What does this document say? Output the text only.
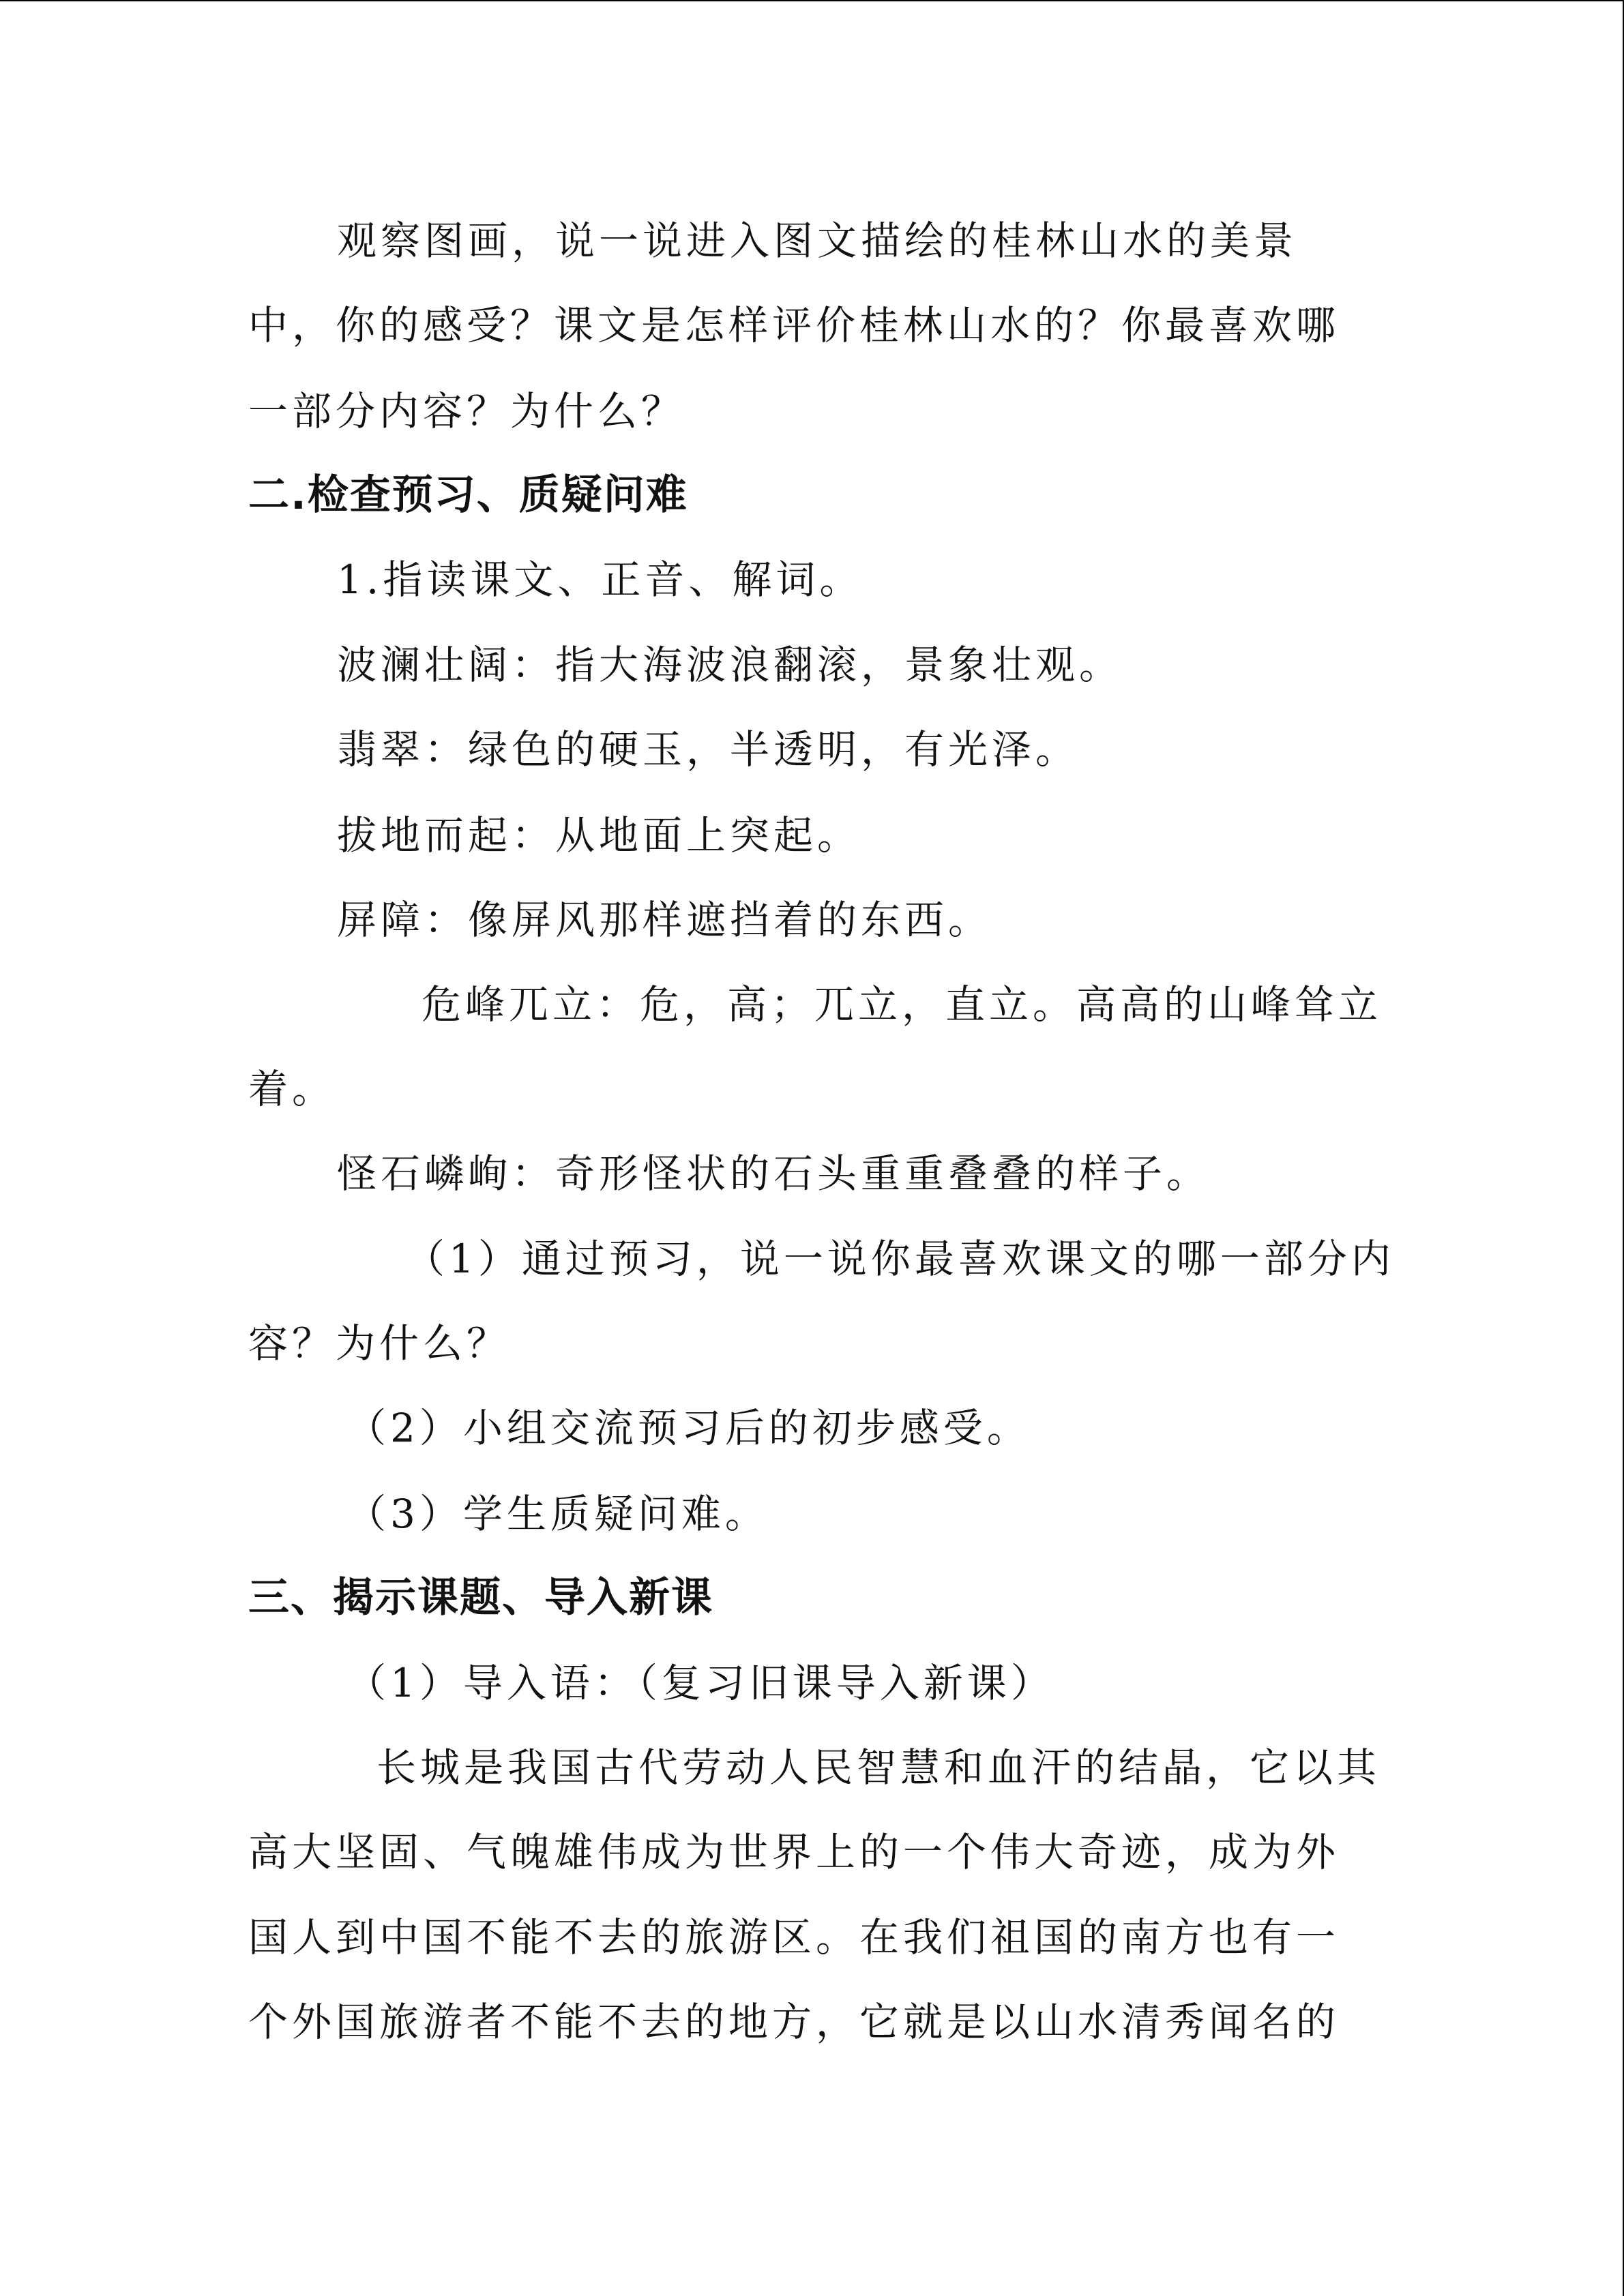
观察图画，说一说进入图文描绘的桂林山水的美景
中，你的感受？课文是怎样评价桂林山水的？你最喜欢哪
一部分内容？为什么？
二.检查预习、质疑问难
1.指读课文、正音、解词。
波澜壮阔：指大海波浪翻滚，景象壮观。
翡翠：绿色的硬玉，半透明，有光泽。
拔地而起：从地面上突起。
屏障：像屏风那样遮挡着的东西。
危峰兀立：危，高；兀立，直立。高高的山峰耸立
着。
怪石嶙峋：奇形怪状的石头重重叠叠的样子。
（1）通过预习，说一说你最喜欢课文的哪一部分内
容？为什么？
（2）小组交流预习后的初步感受。
（3）学生质疑问难。
三、揭示课题、导入新课
（1）导入语：（复习旧课导入新课）
长城是我国古代劳动人民智慧和血汗的结晶，它以其
高大坚固、气魄雄伟成为世界上的一个伟大奇迹，成为外
国人到中国不能不去的旅游区。在我们祖国的南方也有一
个外国旅游者不能不去的地方，它就是以山水清秀闻名的
